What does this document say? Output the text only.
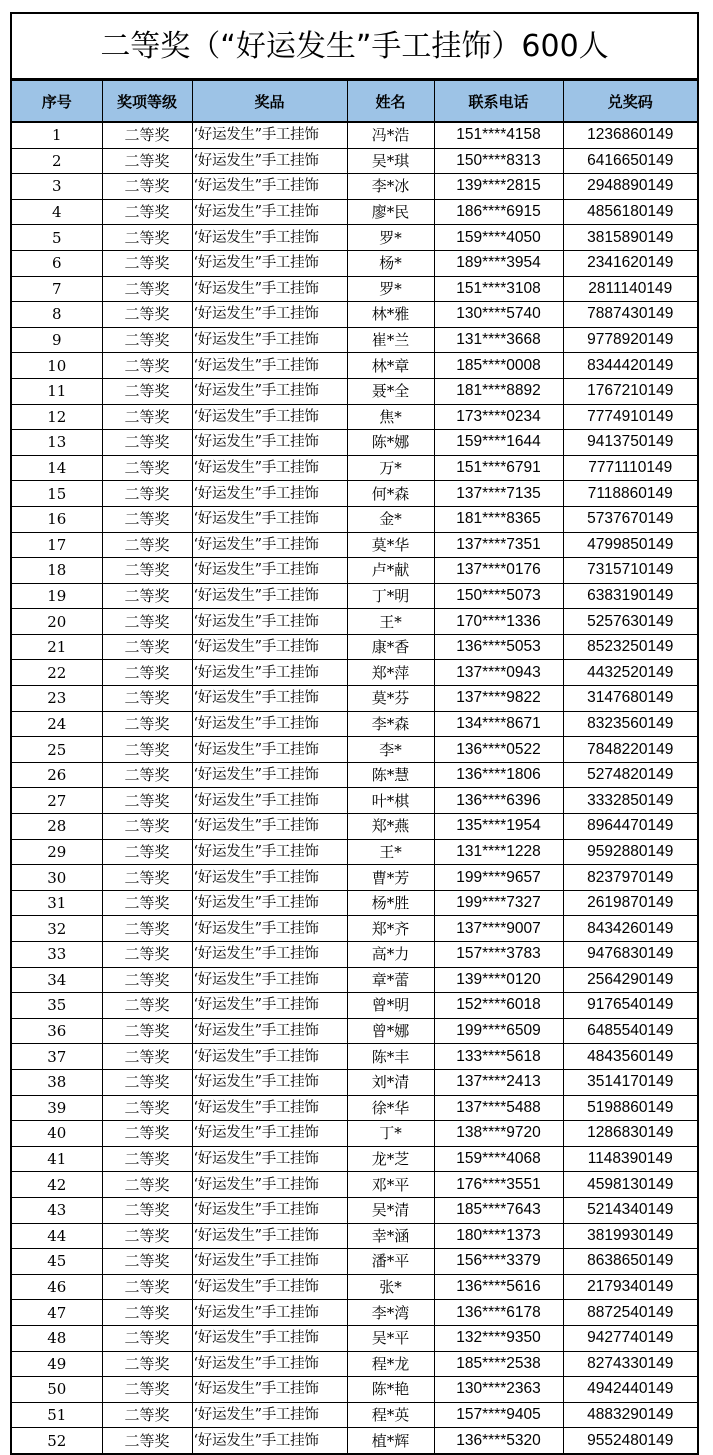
二等奖（“好运发生”手工挂饰）600人
序号	奖项等级	奖品	姓名	联系电话	兑奖码
1	二等奖	‘好运发生”手工挂饰	冯*浩	151****4158	1236860149
2	二等奖	‘好运发生”手工挂饰	吴*琪	150****8313	6416650149
3	二等奖	‘好运发生”手工挂饰	李*冰	139****2815	2948890149
4	二等奖	‘好运发生”手工挂饰	廖*民	186****6915	4856180149
5	二等奖	‘好运发生”手工挂饰	罗*	159****4050	3815890149
6	二等奖	‘好运发生”手工挂饰	杨*	189****3954	2341620149
7	二等奖	‘好运发生”手工挂饰	罗*	151****3108	2811140149
8	二等奖	‘好运发生”手工挂饰	林*雅	130****5740	7887430149
9	二等奖	‘好运发生”手工挂饰	崔*兰	131****3668	9778920149
10	二等奖	‘好运发生”手工挂饰	林*章	185****0008	8344420149
11	二等奖	‘好运发生”手工挂饰	聂*全	181****8892	1767210149
12	二等奖	‘好运发生”手工挂饰	焦*	173****0234	7774910149
13	二等奖	‘好运发生”手工挂饰	陈*娜	159****1644	9413750149
14	二等奖	‘好运发生”手工挂饰	万*	151****6791	7771110149
15	二等奖	‘好运发生”手工挂饰	何*森	137****7135	7118860149
16	二等奖	‘好运发生”手工挂饰	金*	181****8365	5737670149
17	二等奖	‘好运发生”手工挂饰	莫*华	137****7351	4799850149
18	二等奖	‘好运发生”手工挂饰	卢*献	137****0176	7315710149
19	二等奖	‘好运发生”手工挂饰	丁*明	150****5073	6383190149
20	二等奖	‘好运发生”手工挂饰	王*	170****1336	5257630149
21	二等奖	‘好运发生”手工挂饰	康*香	136****5053	8523250149
22	二等奖	‘好运发生”手工挂饰	郑*萍	137****0943	4432520149
23	二等奖	‘好运发生”手工挂饰	莫*芬	137****9822	3147680149
24	二等奖	‘好运发生”手工挂饰	李*森	134****8671	8323560149
25	二等奖	‘好运发生”手工挂饰	李*	136****0522	7848220149
26	二等奖	‘好运发生”手工挂饰	陈*慧	136****1806	5274820149
27	二等奖	‘好运发生”手工挂饰	叶*棋	136****6396	3332850149
28	二等奖	‘好运发生”手工挂饰	郑*燕	135****1954	8964470149
29	二等奖	‘好运发生”手工挂饰	王*	131****1228	9592880149
30	二等奖	‘好运发生”手工挂饰	曹*芳	199****9657	8237970149
31	二等奖	‘好运发生”手工挂饰	杨*胜	199****7327	2619870149
32	二等奖	‘好运发生”手工挂饰	郑*齐	137****9007	8434260149
33	二等奖	‘好运发生”手工挂饰	高*力	157****3783	9476830149
34	二等奖	‘好运发生”手工挂饰	章*蕾	139****0120	2564290149
35	二等奖	‘好运发生”手工挂饰	曾*明	152****6018	9176540149
36	二等奖	‘好运发生”手工挂饰	曾*娜	199****6509	6485540149
37	二等奖	‘好运发生”手工挂饰	陈*丰	133****5618	4843560149
38	二等奖	‘好运发生”手工挂饰	刘*清	137****2413	3514170149
39	二等奖	‘好运发生”手工挂饰	徐*华	137****5488	5198860149
40	二等奖	‘好运发生”手工挂饰	丁*	138****9720	1286830149
41	二等奖	‘好运发生”手工挂饰	龙*芝	159****4068	1148390149
42	二等奖	‘好运发生”手工挂饰	邓*平	176****3551	4598130149
43	二等奖	‘好运发生”手工挂饰	吴*清	185****7643	5214340149
44	二等奖	‘好运发生”手工挂饰	幸*涵	180****1373	3819930149
45	二等奖	‘好运发生”手工挂饰	潘*平	156****3379	8638650149
46	二等奖	‘好运发生”手工挂饰	张*	136****5616	2179340149
47	二等奖	‘好运发生”手工挂饰	李*湾	136****6178	8872540149
48	二等奖	‘好运发生”手工挂饰	吴*平	132****9350	9427740149
49	二等奖	‘好运发生”手工挂饰	程*龙	185****2538	8274330149
50	二等奖	‘好运发生”手工挂饰	陈*艳	130****2363	4942440149
51	二等奖	‘好运发生”手工挂饰	程*英	157****9405	4883290149
52	二等奖	‘好运发生”手工挂饰	植*辉	136****5320	9552480149
